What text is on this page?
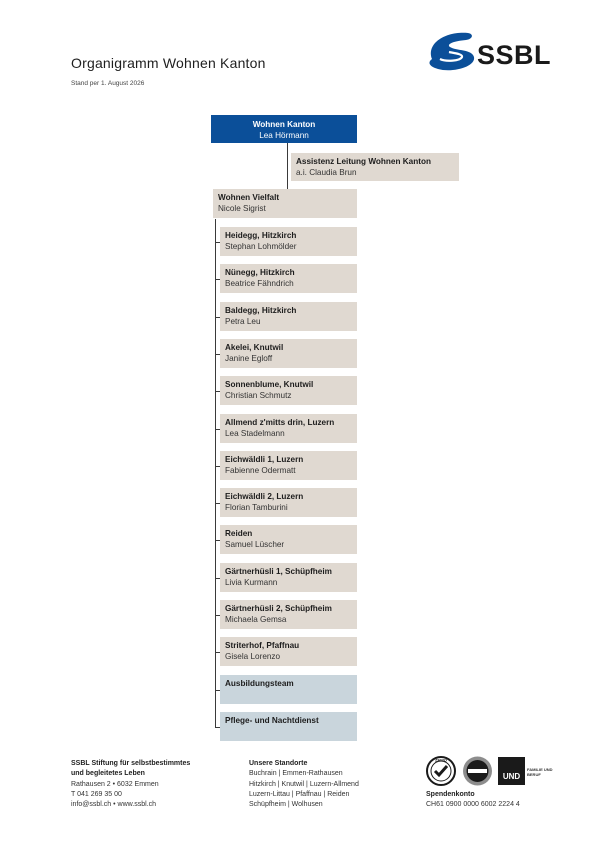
Organigramm Wohnen Kanton
Stand per 1. August 2026
SSBL
Wohnen Kanton
Lea Hörmann
Assistenz Leitung Wohnen Kanton
a.i. Claudia Brun
Wohnen Vielfalt
Nicole Sigrist
Heidegg, Hitzkirch
Stephan Lohmölder
Nünegg, Hitzkirch
Beatrice Fähndrich
Baldegg, Hitzkirch
Petra Leu
Akelei, Knutwil
Janine Egloff
Sonnenblume, Knutwil
Christian Schmutz
Allmend z'mitts drin, Luzern
Lea Stadelmann
Eichwäldli 1, Luzern
Fabienne Odermatt
Eichwäldli 2, Luzern
Florian Tamburini
Reiden
Samuel Lüscher
Gärtnerhüsli 1, Schüpfheim
Livia Kurmann
Gärtnerhüsli 2, Schüpfheim
Michaela Gemsa
Striterhof, Pfaffnau
Gisela Lorenzo
Ausbildungsteam
Pflege- und Nachtdienst
SSBL Stiftung für selbstbestimmtes
und begleitetes Leben
Rathausen 2 • 6032 Emmen
T 041 269 35 00
info@ssbl.ch • www.ssbl.ch
Unsere Standorte
Buchrain | Emmen-Rathausen
Hitzkirch | Knutwil | Luzern-Allmend
Luzern-Littau | Pfaffnau | Reiden
Schüpfheim | Wolhusen
Spendenkonto
CH61 0900 0000 6002 2224 4
ZEWO
UND
FAMILIE UND BERUF
